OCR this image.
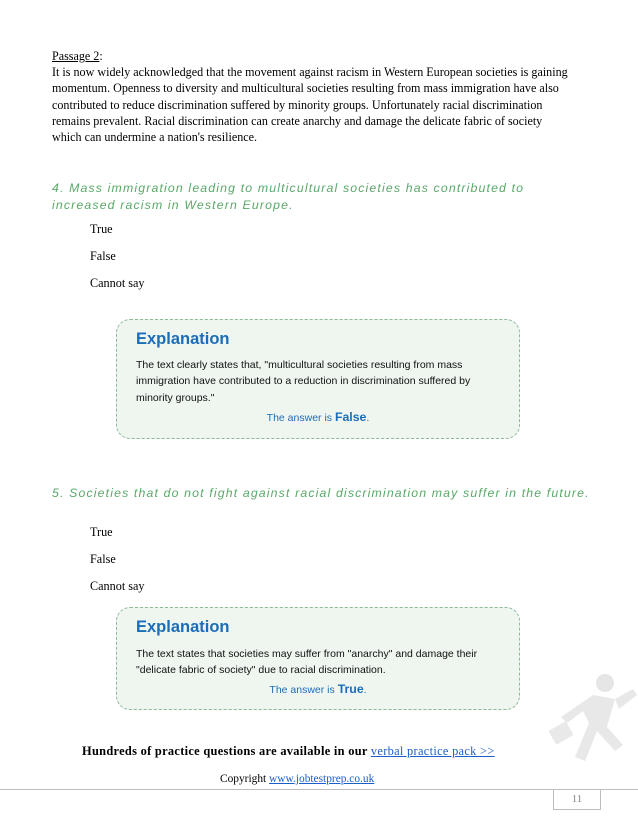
Passage 2:
It is now widely acknowledged that the movement against racism in Western European societies is gaining momentum. Openness to diversity and multicultural societies resulting from mass immigration have also contributed to reduce discrimination suffered by minority groups. Unfortunately racial discrimination remains prevalent. Racial discrimination can create anarchy and damage the delicate fabric of society which can undermine a nation's resilience.
4. Mass immigration leading to multicultural societies has contributed to increased racism in Western Europe.
True
False
Cannot say
Explanation
The text clearly states that, "multicultural societies resulting from mass immigration have contributed to a reduction in discrimination suffered by minority groups."
The answer is False.
5. Societies that do not fight against racial discrimination may suffer in the future.
True
False
Cannot say
Explanation
The text states that societies may suffer from "anarchy" and damage their "delicate fabric of society" due to racial discrimination.
The answer is True.
Hundreds of practice questions are available in our verbal practice pack >>
Copyright www.jobtestprep.co.uk
11
